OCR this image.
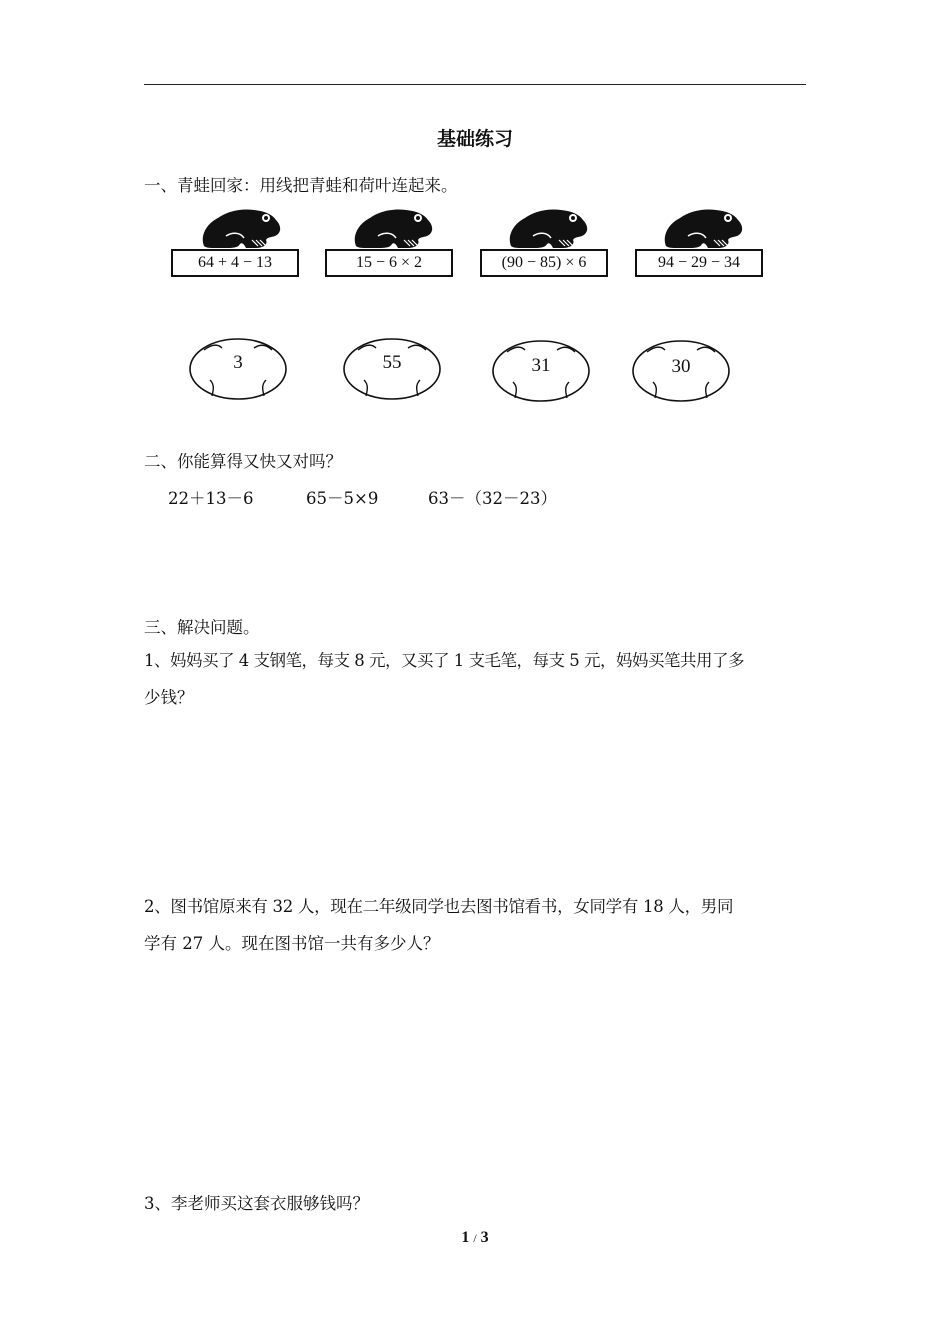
基础练习
一、青蛙回家：用线把青蛙和荷叶连起来。
64 + 4 − 13	15 − 6 × 2	(90 − 85) × 6	94 − 29 − 34
3	55	31	30
二、你能算得又快又对吗？
22＋13－6	65－5×9	63－（32－23）
三、解决问题。
1、妈妈买了 4 支钢笔，每支 8 元，又买了 1 支毛笔，每支 5 元，妈妈买笔共用了多
少钱？
2、图书馆原来有 32 人，现在二年级同学也去图书馆看书，女同学有 18 人，男同
学有 27 人。现在图书馆一共有多少人？
3、李老师买这套衣服够钱吗？
1 / 3
